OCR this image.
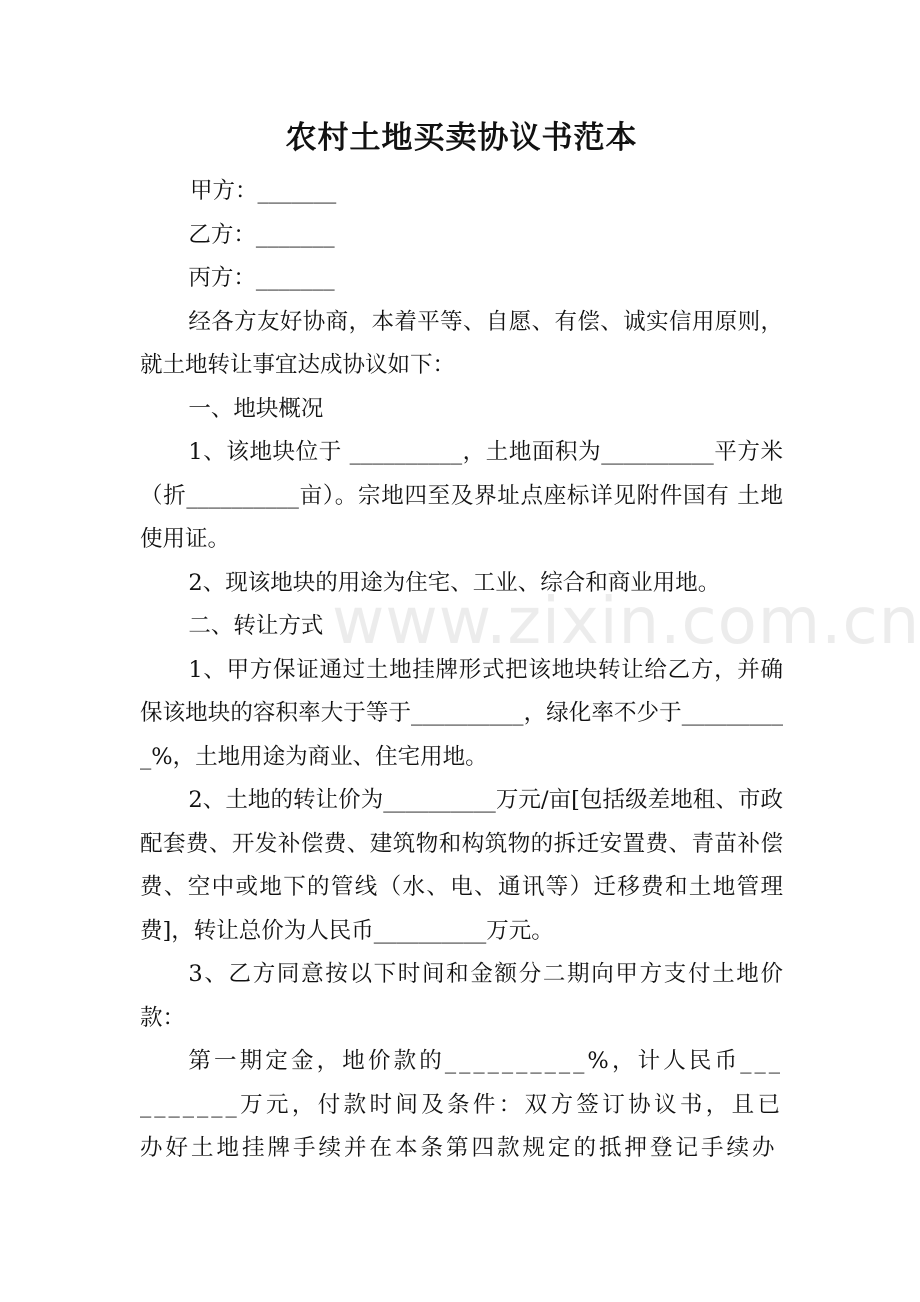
www.zixin.com.cn
农村土地买卖协议书范本

甲方：_______

乙方：_______

丙方：_______

经各方友好协商，本着平等、自愿、有偿、诚实信用原则，就土地转让事宜达成协议如下：

一、地块概况

1、该地块位于 __________，土地面积为__________平方米（折__________亩）。宗地四至及界址点座标详见附件国有 土地使用证。

2、现该地块的用途为住宅、工业、综合和商业用地。

二、转让方式

1、甲方保证通过土地挂牌形式把该地块转让给乙方，并确保该地块的容积率大于等于__________，绿化率不少于__________%，土地用途为商业、住宅用地。

2、土地的转让价为__________万元/亩[包括级差地租、市政配套费、开发补偿费、建筑物和构筑物的拆迁安置费、青苗补偿费、空中或地下的管线（水、电、通讯等）迁移费和土地管理费]，转让总价为人民币__________万元。

3、乙方同意按以下时间和金额分二期向甲方支付土地价款：

第一期定金，地价款的__________%，计人民币__________万元，付款时间及条件：双方签订协议书，且已办好土地挂牌手续并在本条第四款规定的抵押登记手续办
